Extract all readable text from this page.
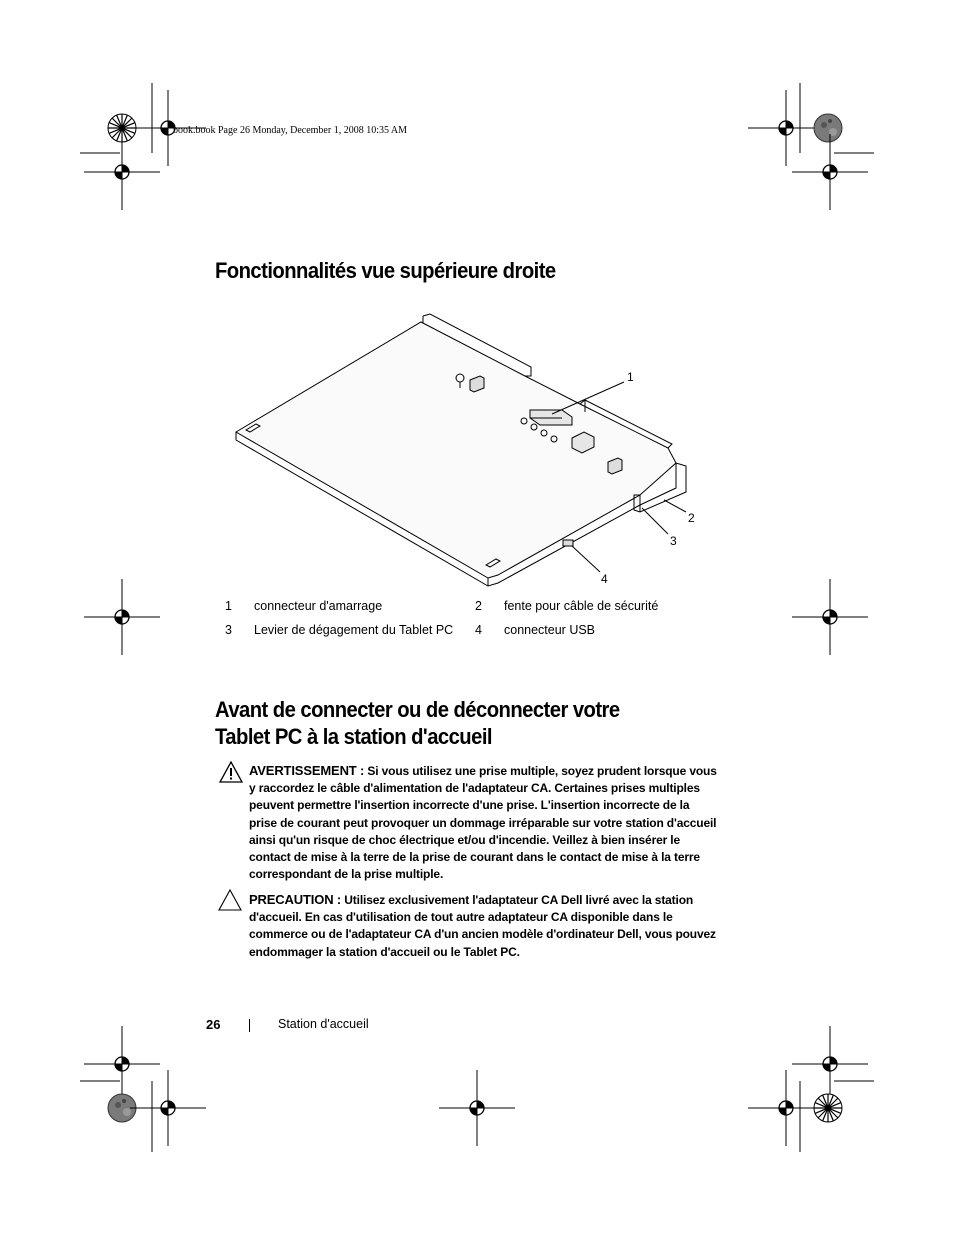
book.book Page 26 Monday, December 1, 2008 10:35 AM
Fonctionnalités vue supérieure droite
1
2
3
4
1	connecteur d'amarrage	2	fente pour câble de sécurité
3	Levier de dégagement du Tablet PC	4	connecteur USB
Avant de connecter ou de déconnecter votre
Tablet PC à la station d'accueil
AVERTISSEMENT : Si vous utilisez une prise multiple, soyez prudent lorsque vous y raccordez le câble d'alimentation de l'adaptateur CA. Certaines prises multiples peuvent permettre l'insertion incorrecte d'une prise. L'insertion incorrecte de la prise de courant peut provoquer un dommage irréparable sur votre station d'accueil ainsi qu'un risque de choc électrique et/ou d'incendie. Veillez à bien insérer le contact de mise à la terre de la prise de courant dans le contact de mise à la terre correspondant de la prise multiple.
PRECAUTION : Utilisez exclusivement l'adaptateur CA Dell livré avec la station d'accueil. En cas d'utilisation de tout autre adaptateur CA disponible dans le commerce ou de l'adaptateur CA d'un ancien modèle d'ordinateur Dell, vous pouvez endommager la station d'accueil ou le Tablet PC.
26	Station d'accueil
